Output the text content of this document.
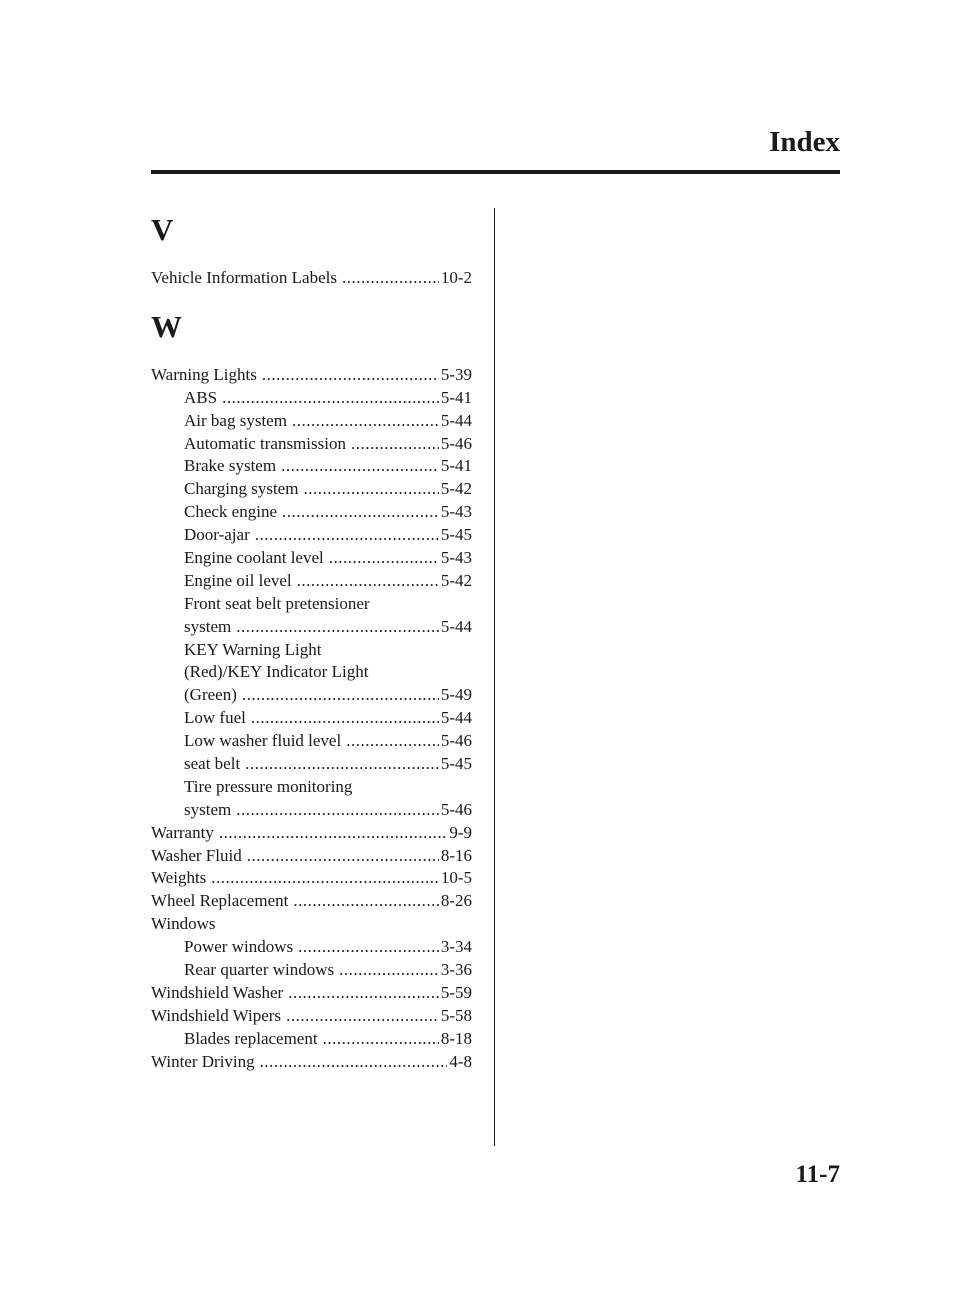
Index
V
Vehicle Information Labels .....	10-2
W
Warning Lights .....	5-39
ABS .....	5-41
Air bag system .....	5-44
Automatic transmission .....	5-46
Brake system .....	5-41
Charging system .....	5-42
Check engine .....	5-43
Door-ajar .....	5-45
Engine coolant level .....	5-43
Engine oil level .....	5-42
Front seat belt pretensioner
system .....	5-44
KEY Warning Light
(Red)/KEY Indicator Light
(Green) .....	5-49
Low fuel .....	5-44
Low washer fluid level .....	5-46
seat belt .....	5-45
Tire pressure monitoring
system .....	5-46
Warranty .....	9-9
Washer Fluid .....	8-16
Weights .....	10-5
Wheel Replacement .....	8-26
Windows
Power windows .....	3-34
Rear quarter windows .....	3-36
Windshield Washer .....	5-59
Windshield Wipers .....	5-58
Blades replacement .....	8-18
Winter Driving .....	4-8
11-7
